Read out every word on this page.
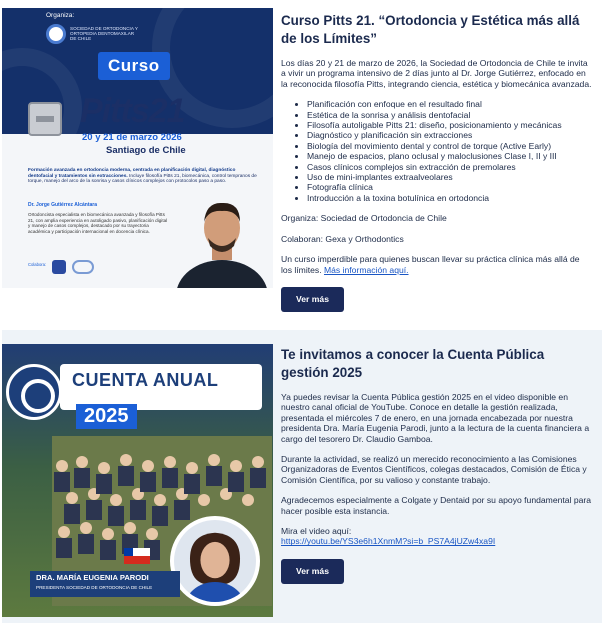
Organiza:
SOCIEDAD DE ORTODONCIA Y ORTOPEDIA DENTOMAXILAR DE CHILE
Curso
Pitts21
20 y 21 de marzo 2026
Santiago de Chile
Formación avanzada en ortodoncia moderna, centrada en planificación digital, diagnóstico dentofacial y tratamientos sin extracciones. Incluye filosofía Pitts 21, biomecánica, control tempranos de torque, manejo del arco de la sonrisa y casos clínicos complejos con protocolos paso a paso.
Dr. Jorge Gutiérrez Alcántara
Ortodoncista especialista en biomecánica avanzada y filosofía Pitts 21, con amplia experiencia en autoligado pasivo, planificación digital y manejo de casos complejos, destacado por su trayectoria académica y participación internacional en docencia clínica.
Colabora:
Curso Pitts 21. “Ortodoncia y Estética más allá de los Límites”

Los días 20 y 21 de marzo de 2026, la Sociedad de Ortodoncia de Chile te invita a vivir un programa intensivo de 2 días junto al Dr. Jorge Gutiérrez, enfocado en la reconocida filosofía Pitts, integrando ciencia, estética y biomecánica avanzada.

• Planificación con enfoque en el resultado final
• Estética de la sonrisa y análisis dentofacial
• Filosofía autoligable Pitts 21: diseño, posicionamiento y mecánicas
• Diagnóstico y planificación sin extracciones
• Biología del movimiento dental y control de torque (Active Early)
• Manejo de espacios, plano oclusal y maloclusiones Clase I, II y III
• Casos clínicos complejos sin extracción de premolares
• Uso de mini-implantes extraalveolares
• Fotografía clínica
• Introducción a la toxina botulínica en ortodoncia

Organiza: Sociedad de Ortodoncia de Chile

Colaboran: Gexa y Orthodontics

Un curso imperdible para quienes buscan llevar su práctica clínica más allá de los límites. Más información aquí.

Ver más
CUENTA ANUAL
2025
DRA. MARÍA EUGENIA PARODI
PRESIDENTA SOCIEDAD DE ORTODONCIA DE CHILE
Te invitamos a conocer la Cuenta Pública gestión 2025

Ya puedes revisar la Cuenta Pública gestión 2025 en el video disponible en nuestro canal oficial de YouTube. Conoce en detalle la gestión realizada, presentada el miércoles 7 de enero, en una jornada encabezada por nuestra presidenta Dra. María Eugenia Parodi, junto a la lectura de la cuenta financiera a cargo del tesorero Dr. Claudio Gamboa.

Durante la actividad, se realizó un merecido reconocimiento a las Comisiones Organizadoras de Eventos Científicos, colegas destacados, Comisión de Ética y Comisión Científica, por su valioso y constante trabajo.

Agradecemos especialmente a Colgate y Dentaid por su apoyo fundamental para hacer posible esta instancia.

Mira el video aquí:
https://youtu.be/YS3e6h1XnmM?si=b_PS7A4jUZw4xa9I

Ver más
